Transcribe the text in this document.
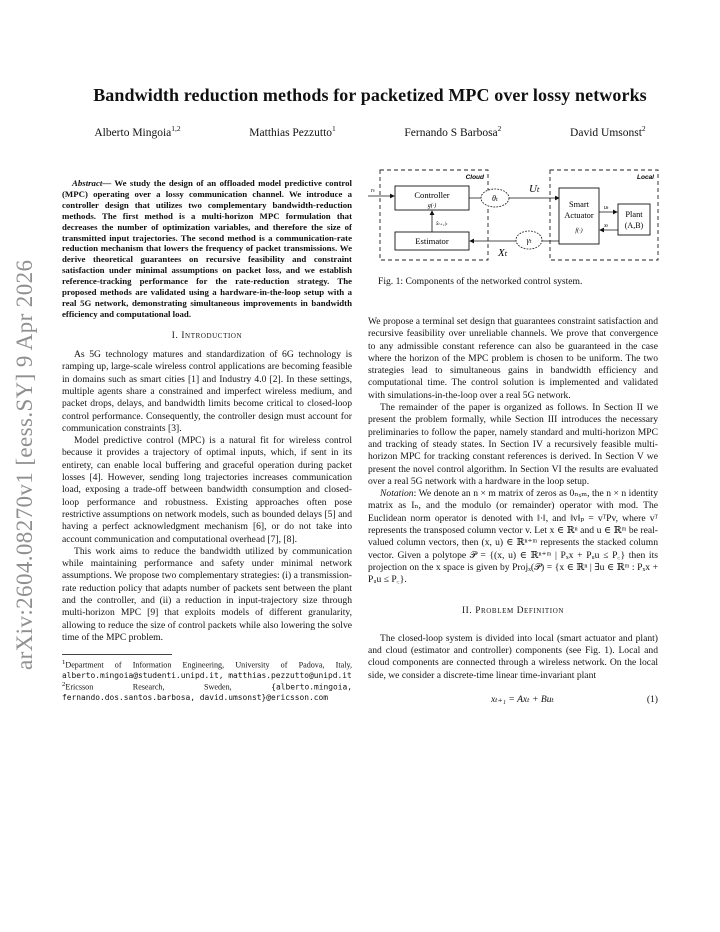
arXiv:2604.08270v1 [eess.SY] 9 Apr 2026
Bandwidth reduction methods for packetized MPC over lossy networks
Alberto Mingoia$^{1,2}$	Matthias Pezzutto$^1$	Fernando S Barbosa$^2$	David Umsonst$^2$

Abstract— We study the design of an offloaded model predictive control (MPC) operating over a lossy communication channel. We introduce a controller design that utilizes two complementary bandwidth-reduction methods. The first method is a multi-horizon MPC formulation that decreases the number of optimization variables, and therefore the size of transmitted input trajectories. The second method is a communication-rate reduction mechanism that lowers the frequency of packet transmissions. We derive theoretical guarantees on recursive feasibility and constraint satisfaction under minimal assumptions on packet loss, and we establish reference-tracking performance for the rate-reduction strategy. The proposed methods are validated using a hardware-in-the-loop setup with a real 5G network, demonstrating simultaneous improvements in bandwidth efficiency and computational load.

I. Introduction

As 5G technology matures and standardization of 6G technology is ramping up, large-scale wireless control applications are becoming feasible in domains such as smart cities [1] and Industry 4.0 [2]. In these settings, multiple agents share a constrained and imperfect wireless medium, and packet drops, delays, and bandwidth limits become critical to closed-loop control performance. Consequently, the controller design must account for communication constraints [3].

Model predictive control (MPC) is a natural fit for wireless control because it provides a trajectory of optimal inputs, which, if sent in its entirety, can enable local buffering and graceful operation during packet losses [4]. However, sending long trajectories increases communication load, exposing a trade-off between bandwidth consumption and closed-loop performance and robustness. Existing approaches often pose restrictive assumptions on network models, such as bounded delays [5] and having a perfect acknowledgment mechanism [6], or do not take into account communication and computational overhead [7], [8].

This work aims to reduce the bandwidth utilized by communication while maintaining performance and safety under minimal network assumptions. We propose two complementary strategies: (i) a transmission-rate reduction policy that adapts number of packets sent between the plant and the controller, and (ii) a reduction in input-trajectory size through multi-horizon MPC [9] that exploits models of different granularity, allowing to reduce the size of control packets while also lowering the solve time of the MPC problem.

$^1$Department of Information Engineering, University of Padova, Italy, alberto.mingoia@studenti.unipd.it, matthias.pezzutto@unipd.it

$^2$Ericsson Research, Sweden,	{alberto.mingoia, fernando.dos.santos.barbosa, david.umsonst}@ericsson.com

Cloud	Local
Controller
g(·)
Estimator
x̂ₜ₊₁|ₜ
rₜ
θₜ
Uₜ
γₜ
Xₜ
Smart
Actuator
f(·)
Plant
(A,B)
uₜ
xₜ
Fig. 1: Components of the networked control system.

We propose a terminal set design that guarantees constraint satisfaction and recursive feasibility over unreliable channels. We prove that convergence to any admissible constant reference can also be guaranteed in the case where the horizon of the MPC problem is chosen to be uniform. The two strategies lead to simultaneous gains in bandwidth efficiency and computational time. The control solution is implemented and validated with simulations-in-the-loop over a real 5G network.

The remainder of the paper is organized as follows. In Section II we present the problem formally, while Section III introduces the necessary preliminaries to follow the paper, namely standard and multi-horizon MPC and tracking of steady states. In Section IV a recursively feasible multi-horizon MPC for tracking constant references is derived. In Section V we present the novel control algorithm. In Section VI the results are evaluated over a real 5G network with a hardware in the loop setup.

Notation: We denote an n × m matrix of zeros as 0ₙₓₘ, the n × n identity matrix as Iₙ, and the modulo (or remainder) operator with mod. The Euclidean norm operator is denoted with ‖·‖, and ‖v‖ₚ = vᵀPv, where vᵀ represents the transposed column vector v. Let x ∈ ℝⁿ and u ∈ ℝᵐ be real-valued column vectors, then (x, u) ∈ ℝⁿ⁺ᵐ represents the stacked column vector. Given a polytope 𝒫 = {(x, u) ∈ ℝⁿ⁺ᵐ | Pₓx + Pᵤu ≤ P꜀} then its projection on the x space is given by Projₓ(𝒫) = {x ∈ ℝⁿ | ∃u ∈ ℝᵐ : Pₓx + Pᵤu ≤ P꜀}.

II. Problem Definition

The closed-loop system is divided into local (smart actuator and plant) and cloud (estimator and controller) components (see Fig. 1). Local and cloud components are connected through a wireless network. On the local side, we consider a discrete-time linear time-invariant plant

xₜ₊₁ = Axₜ + Buₜ	(1)
